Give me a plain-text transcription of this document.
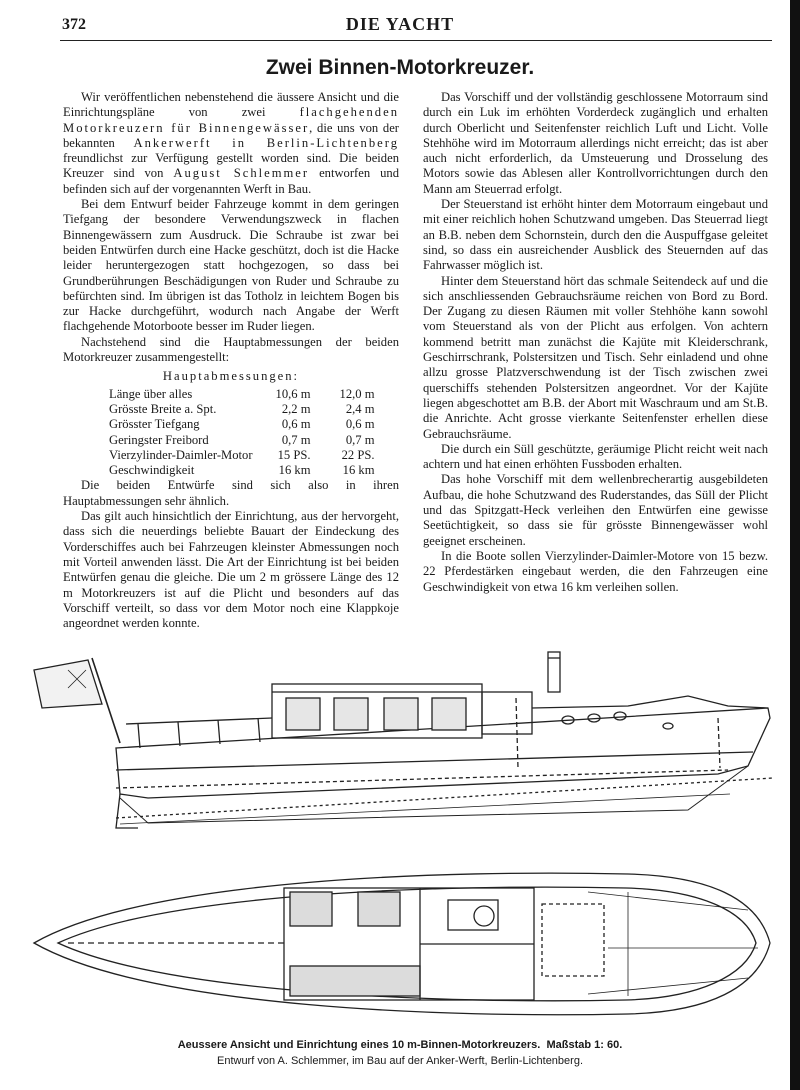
372	DIE YACHT
Zwei Binnen-Motorkreuzer.

Wir veröffentlichen nebenstehend die äussere Ansicht und die Einrichtungspläne von zwei flachgehenden Motorkreuzern für Binnengewässer, die uns von der bekannten Ankerwerft in Berlin-Lichtenberg freundlichst zur Verfügung gestellt worden sind. Die beiden Kreuzer sind von August Schlemmer entworfen und befinden sich auf der vorgenannten Werft in Bau.

Bei dem Entwurf beider Fahrzeuge kommt in dem geringen Tiefgang der besondere Verwendungszweck in flachen Binnengewässern zum Ausdruck. Die Schraube ist zwar bei beiden Entwürfen durch eine Hacke geschützt, doch ist die Hacke leider heruntergezogen statt hochgezogen, so dass bei Grundberührungen Beschädigungen von Ruder und Schraube zu befürchten sind. Im übrigen ist das Totholz in leichtem Bogen bis zur Hacke durchgeführt, wodurch nach Angabe der Werft flachgehende Motorboote besser im Ruder liegen.

Nachstehend sind die Hauptabmessungen der beiden Motorkreuzer zusammengestellt:

Hauptabmessungen:
Länge über alles	10,6 m	12,0 m
Grösste Breite a. Spt.	2,2 m	2,4 m
Grösster Tiefgang	0,6 m	0,6 m
Geringster Freibord	0,7 m	0,7 m
Vierzylinder-Daimler-Motor	15 PS.	22 PS.
Geschwindigkeit	16 km	16 km

Die beiden Entwürfe sind sich also in ihren Hauptabmessungen sehr ähnlich.

Das gilt auch hinsichtlich der Einrichtung, aus der hervorgeht, dass sich die neuerdings beliebte Bauart der Eindeckung des Vorderschiffes auch bei Fahrzeugen kleinster Abmessungen noch mit Vorteil anwenden lässt. Die Art der Einrichtung ist bei beiden Entwürfen genau die gleiche. Die um 2 m grössere Länge des 12 m Motorkreuzers ist auf die Plicht und besonders auf das Vorschiff verteilt, so dass vor dem Motor noch eine Klappkoje angeordnet werden konnte.

Das Vorschiff und der vollständig geschlossene Motorraum sind durch ein Luk im erhöhten Vorderdeck zugänglich und erhalten durch Oberlicht und Seitenfenster reichlich Luft und Licht. Volle Stehhöhe wird im Motorraum allerdings nicht erreicht; das ist aber auch nicht erforderlich, da Umsteuerung und Drosselung des Motors sowie das Ablesen aller Kontrollvorrichtungen durch den Mann am Steuerrad erfolgt.

Der Steuerstand ist erhöht hinter dem Motorraum eingebaut und mit einer reichlich hohen Schutzwand umgeben. Das Steuerrad liegt an B.B. neben dem Schornstein, durch den die Auspuffgase geleitet sind, so dass ein ausreichender Ausblick des Steuernden auf das Fahrwasser möglich ist.

Hinter dem Steuerstand hört das schmale Seitendeck auf und die sich anschliessenden Gebrauchsräume reichen von Bord zu Bord. Der Zugang zu diesen Räumen mit voller Stehhöhe kann sowohl vom Steuerstand als von der Plicht aus erfolgen. Von achtern kommend betritt man zunächst die Kajüte mit Kleiderschrank, Geschirrschrank, Polstersitzen und Tisch. Sehr einladend und ohne allzu grosse Platzverschwendung ist der Tisch zwischen zwei querschiffs stehenden Polstersitzen angeordnet. Vor der Kajüte liegen abgeschottet am B.B. der Abort mit Waschraum und am St.B. die Anrichte. Acht grosse vierkante Seitenfenster erhellen diese Gebrauchsräume.

Die durch ein Süll geschützte, geräumige Plicht reicht weit nach achtern und hat einen erhöhten Fussboden erhalten.

Das hohe Vorschiff mit dem wellenbrecherartig ausgebildeten Aufbau, die hohe Schutzwand des Ruderstandes, das Süll der Plicht und das Spitzgatt-Heck verleihen den Entwürfen eine gewisse Seetüchtigkeit, so dass sie für grösste Binnengewässer wohl geeignet erscheinen.

In die Boote sollen Vierzylinder-Daimler-Motore von 15 bezw. 22 Pferdestärken eingebaut werden, die den Fahrzeugen eine Geschwindigkeit von etwa 16 km verleihen sollen.

Aeussere Ansicht und Einrichtung eines 10 m-Binnen-Motorkreuzers. Maßstab 1: 60.
Entwurf von A. Schlemmer, im Bau auf der Anker-Werft, Berlin-Lichtenberg.
